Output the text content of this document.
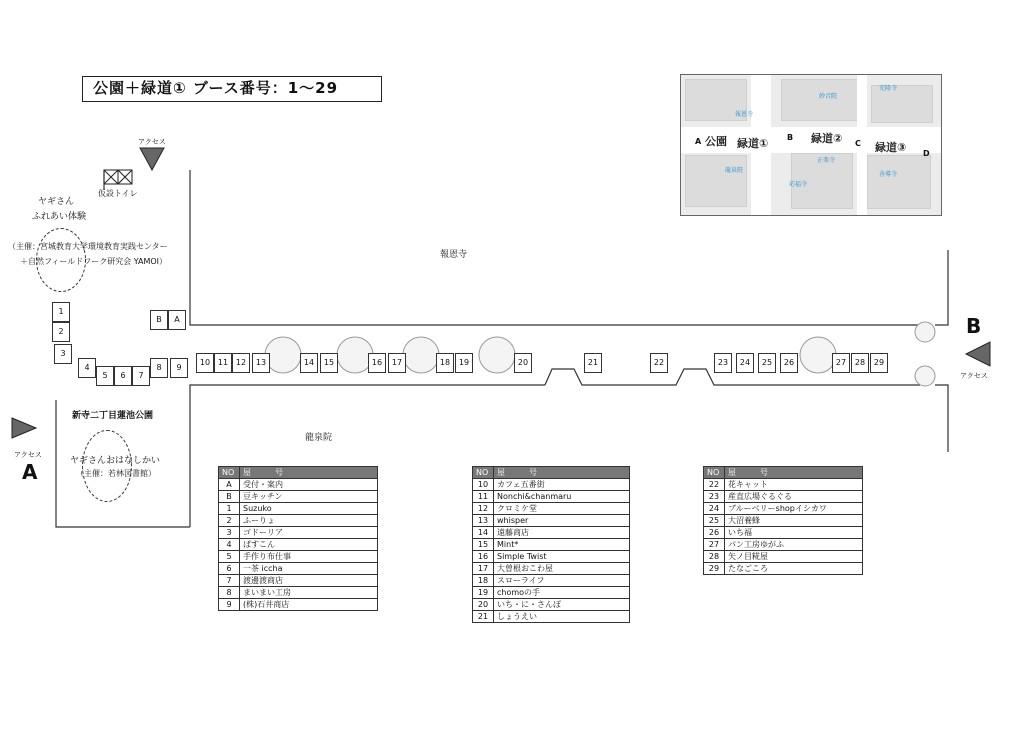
公園＋緑道① ブース番号：1〜29
公園 緑道①	緑道②
緑道③
A	B
C
D
妙音院
報恩寺
龍泉院
正楽寺
応福寺
充隆寺
善導寺
アクセス
アクセス
A
アクセス
B
仮設トイレ
ヤギさん
ふれあい体験
（主催：宮城教育大学環境教育実践センター
＋自然フィールドワーク研究会 YAMOI）
新寺二丁目蓮池公園
ヤギさんおはなしかい
（主催：若林図書館）
報恩寺
龍泉院
1
2
3
4
5	6	7
8	9
B	A
10 11 12	13	14	15	16	17	18	19	20	21	22	23	24	25	26	27	28	29
NO	屋　　　号
A	受付・案内
B	豆キッチン
1	Suzuko
2	ふーりょ
3	ゴドーリア
4	ぱすこん
5	手作り布仕事
6	一茶 iccha
7	渡邊渡商店
8	まいまい工房
9	(株)石井商店
NO	屋　　　号
10	カフェ五番街
11	Nonchi&chanmaru
12	クロミケ堂
13	whisper
14	遠藤商店
15	Mint*
16	Simple Twist
17	大曽根おこわ屋
18	スローライフ
19	chomoの手
20	いち・に・さんぽ
21	しょうえい
NO	屋　　　号
22	花キャット
23	産直広場ぐるぐる
24	ブルーベリーshopイシカワ
25	大沼養蜂
26	いち福
27	パン工房ゆがふ
28	矢ノ目糀屋
29	たなごころ
